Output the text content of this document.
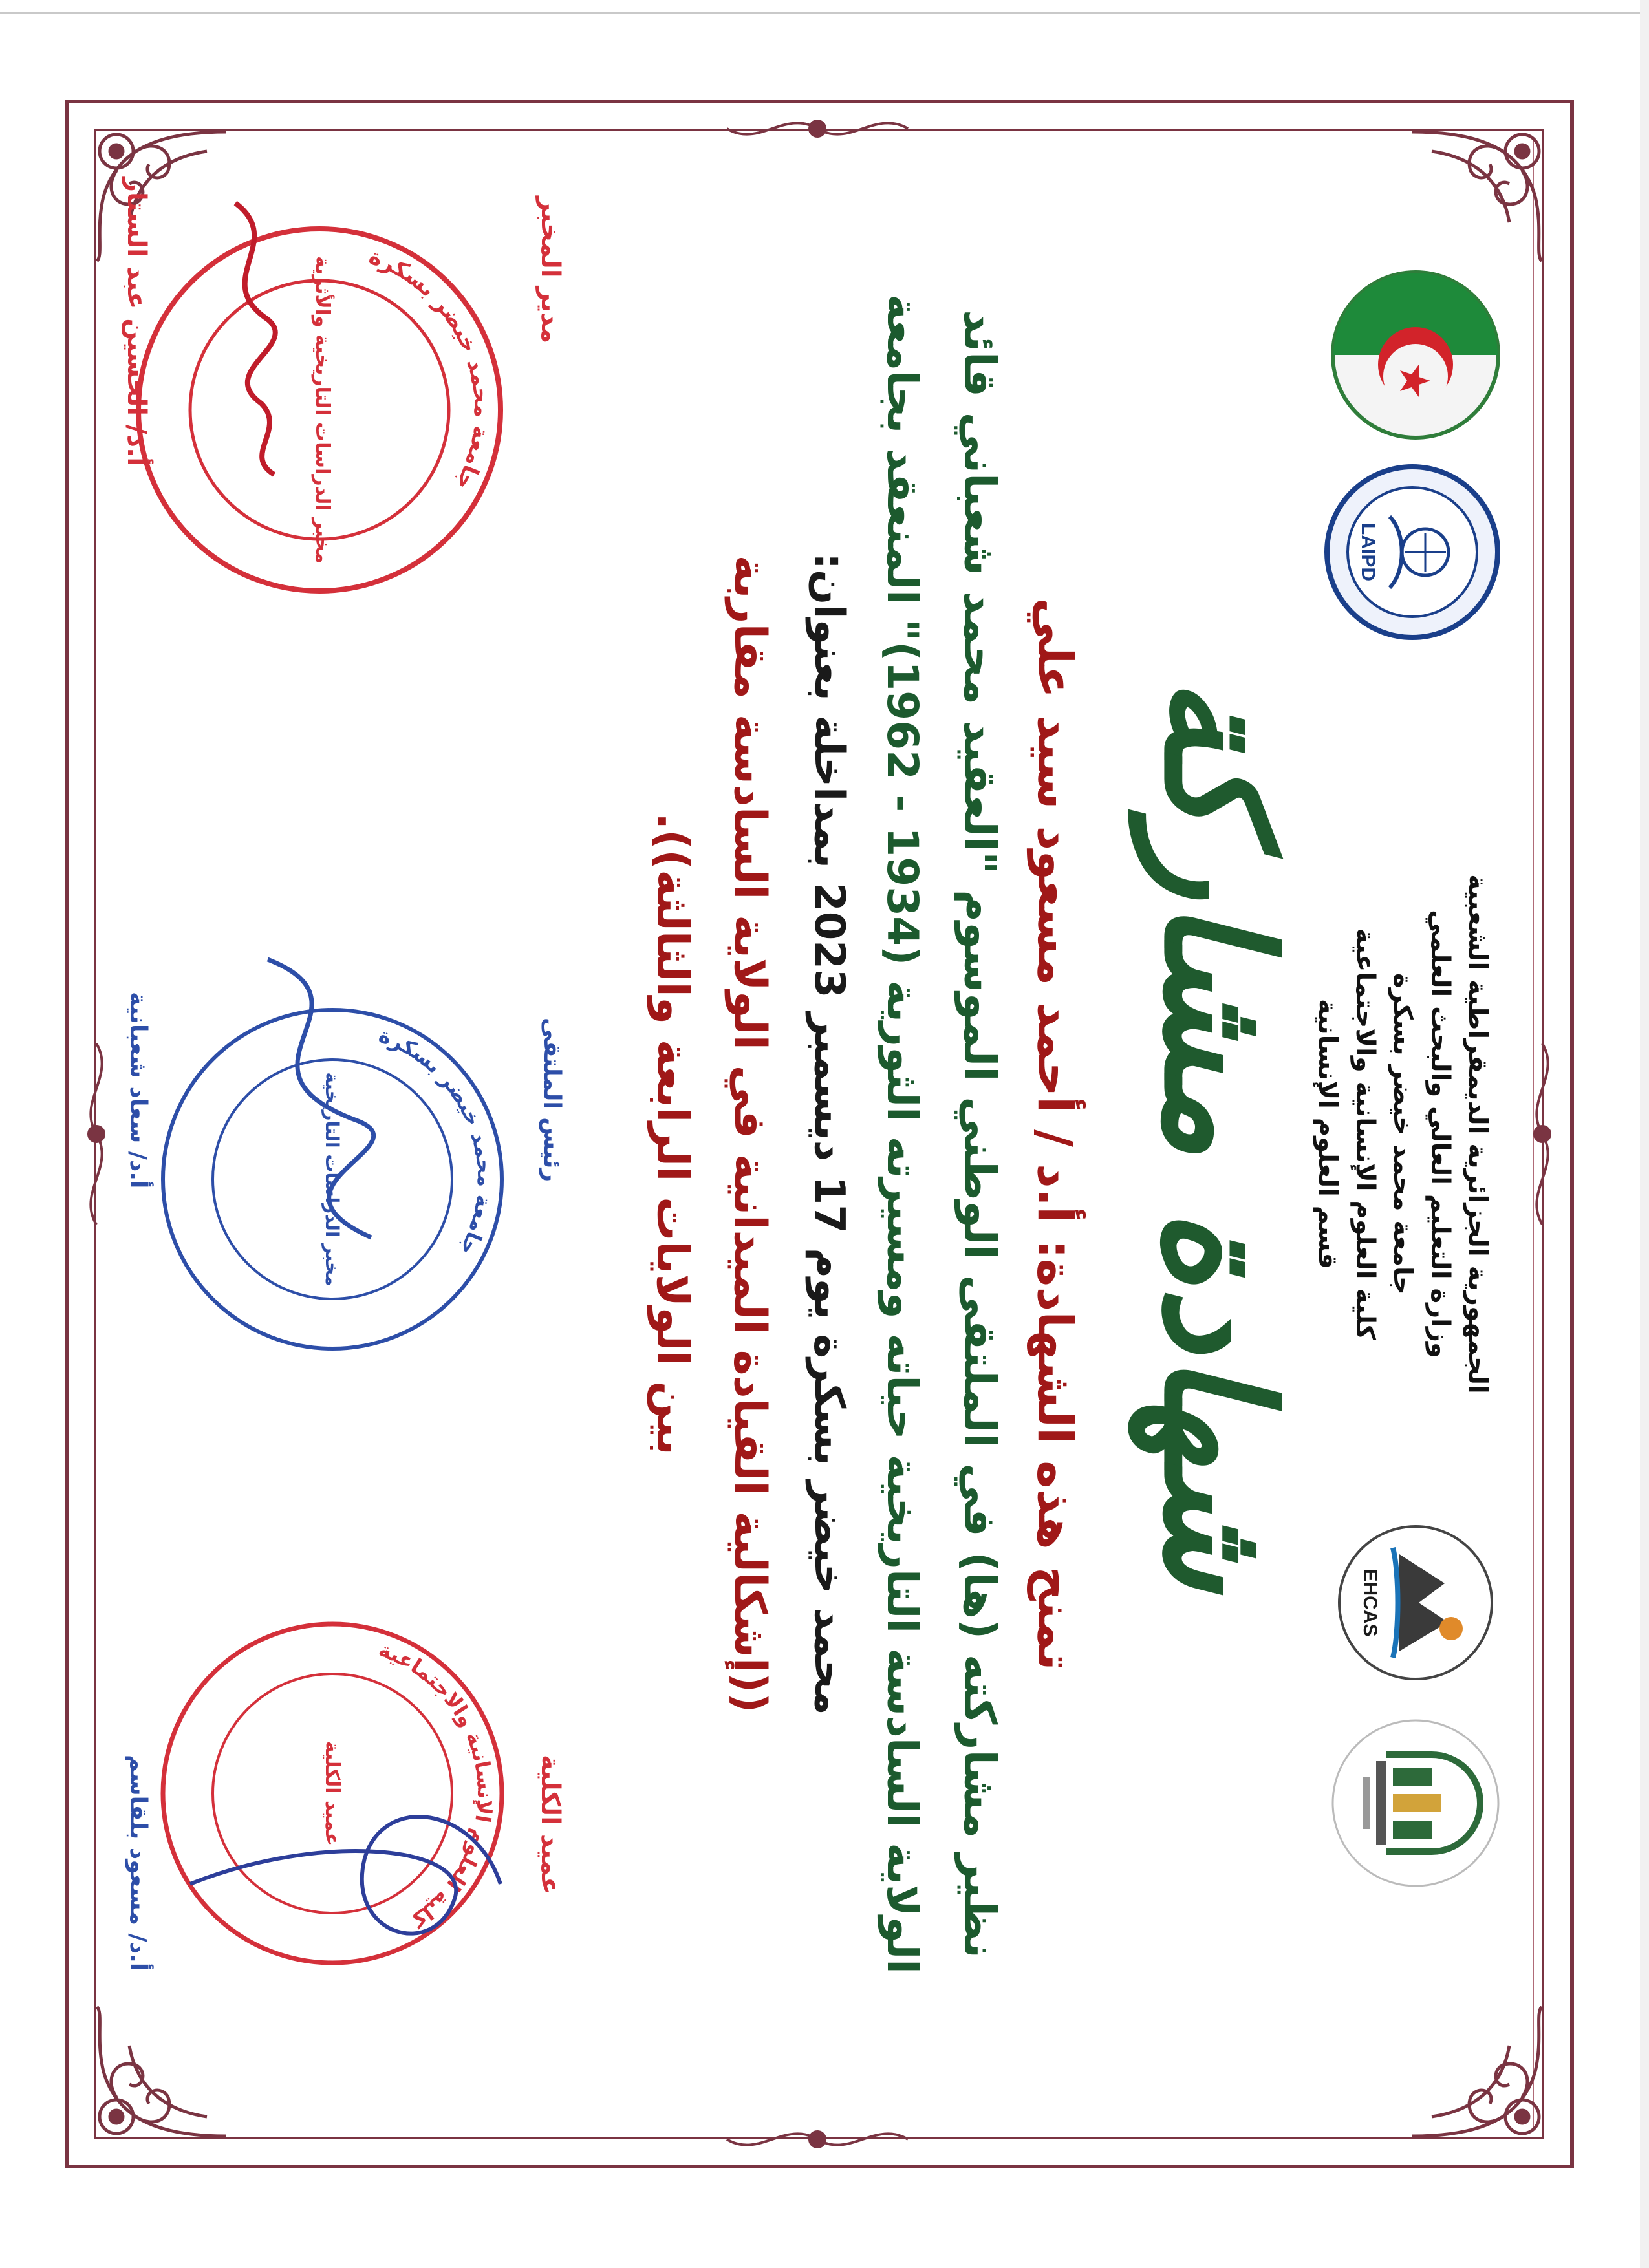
الجمهورية الجزائرية الديمقراطية الشعبية

وزارة التعليم العالي والبحث العلمي

جامعة محمد خيضر بسكرة

كلية العلوم الإنسانية والاجتماعية

قسم العلوم الإنسانية

LAIPD
EHCAS

شهادة مشاركة

تمنح هذه الشهادة: أ.د / أحمد مسعود سيد علي

نظير مشاركته (ها) في الملتقى الوطني الموسوم "العقيد محمد شعباني قائد

الولاية السادسة التاريخية حياته ومسيرته الثورية (1934 - 1962)" المنعقد بجامعة

محمد خيضر بسكرة يوم 17 ديسمبر 2023 بمداخلة بعنوان:

((إشكالية القيادة الميدانية في الولاية السادسة مقاربة

بين الولايات الرابعة والثالثة)).

مدير المخبر
جامعة محمد خيضر بسكرة
مخبر الدراسات التاريخية والأثرية
أ.د/ الحسين عبد الستار
رئيس الملتقى
جامعة محمد خيضر بسكرة
مخبر الدراسات التاريخية
أ.د/ سعاد شعبانية
عميد الكلية
كلية العلوم الإنسانية والاجتماعية
عميد الكلية
أ.د/ مسعود بلقاسم
